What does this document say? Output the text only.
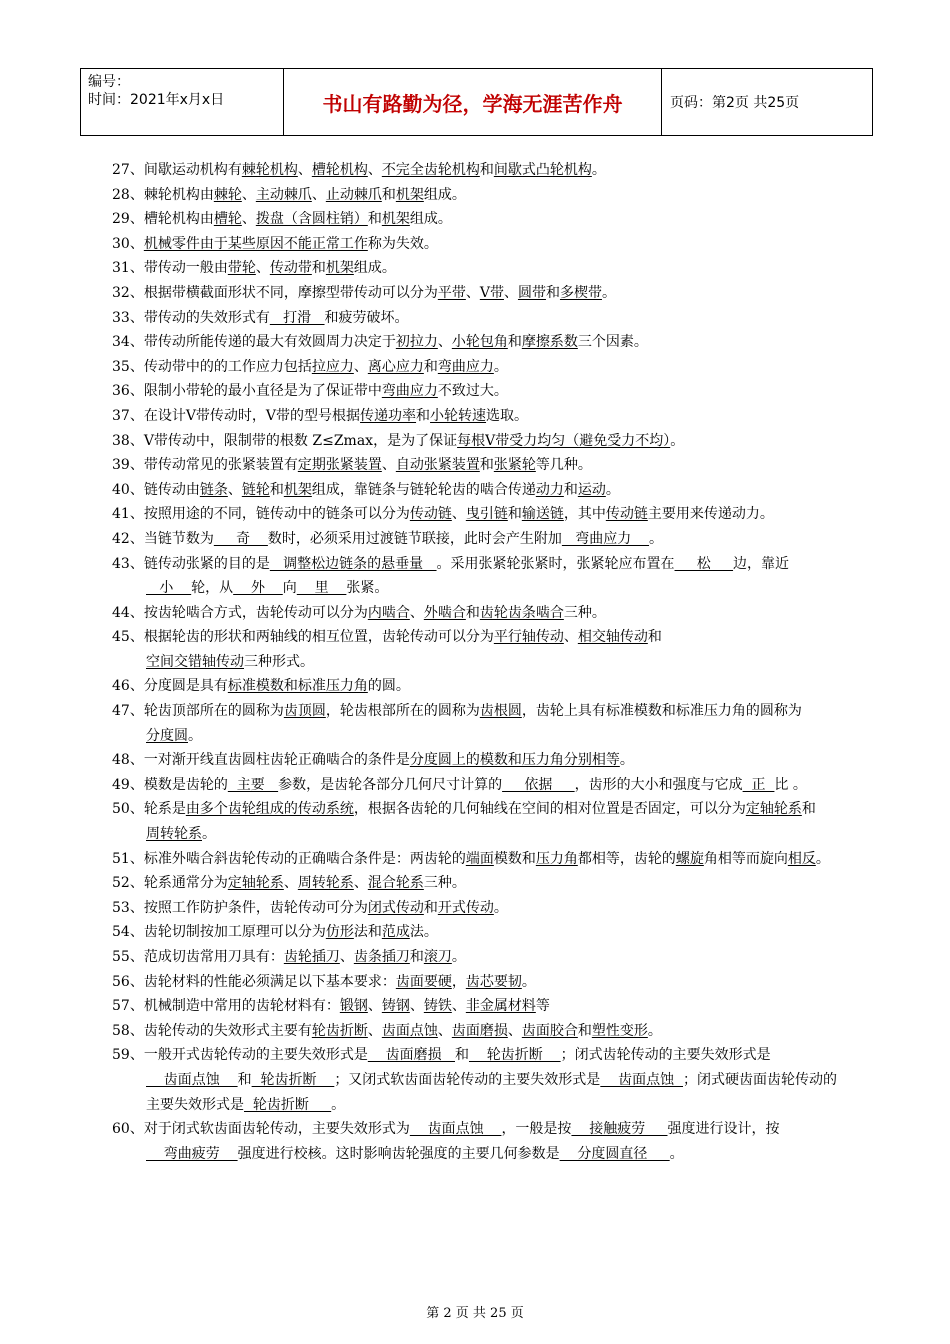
编号：
时间：2021年x月x日	书山有路勤为径，学海无涯苦作舟	页码：第2页 共25页
27、间歇运动机构有棘轮机构、槽轮机构、不完全齿轮机构和间歇式凸轮机构。
28、棘轮机构由棘轮、主动棘爪、止动棘爪和机架组成。
29、槽轮机构由槽轮、拨盘（含圆柱销）和机架组成。
30、机械零件由于某些原因不能正常工作称为失效。
31、带传动一般由带轮、传动带和机架组成。
32、根据带横截面形状不同，摩擦型带传动可以分为平带、V带、圆带和多楔带。
33、带传动的失效形式有   打滑   和疲劳破坏。
34、带传动所能传递的最大有效圆周力决定于初拉力、小轮包角和摩擦系数三个因素。
35、传动带中的的工作应力包括拉应力、离心应力和弯曲应力。
36、限制小带轮的最小直径是为了保证带中弯曲应力不致过大。
37、在设计V带传动时，V带的型号根据传递功率和小轮转速选取。
38、V带传动中，限制带的根数 Z≤Zmax，是为了保证每根V带受力均匀（避免受力不均）。
39、带传动常见的张紧装置有定期张紧装置、自动张紧装置和张紧轮等几种。
40、链传动由链条、链轮和机架组成，靠链条与链轮轮齿的啮合传递动力和运动。
41、按照用途的不同，链传动中的链条可以分为传动链、曳引链和输送链，其中传动链主要用来传递动力。
42、当链节数为     奇    数时，必须采用过渡链节联接，此时会产生附加   弯曲应力    。
43、链传动张紧的目的是   调整松边链条的悬垂量   。采用张紧轮张紧时，张紧轮应布置在     松     边，靠近   小    轮，从    外    向    里    张紧。
44、按齿轮啮合方式，齿轮传动可以分为内啮合、外啮合和齿轮齿条啮合三种。
45、根据轮齿的形状和两轴线的相互位置，齿轮传动可以分为平行轴传动、相交轴传动和
空间交错轴传动三种形式。
46、分度圆是具有标准模数和标准压力角的圆。
47、轮齿顶部所在的圆称为齿顶圆，轮齿根部所在的圆称为齿根圆，齿轮上具有标准模数和标准压力角的圆称为分度圆。
48、一对渐开线直齿圆柱齿轮正确啮合的条件是分度圆上的模数和压力角分别相等。
49、模数是齿轮的  主要   参数，是齿轮各部分几何尺寸计算的     依据     ，齿形的大小和强度与它成  正  比 。
50、轮系是由多个齿轮组成的传动系统，根据各齿轮的几何轴线在空间的相对位置是否固定，可以分为定轴轮系和周转轮系。
51、标准外啮合斜齿轮传动的正确啮合条件是：两齿轮的端面模数和压力角都相等，齿轮的螺旋角相等而旋向相反。
52、轮系通常分为定轴轮系、周转轮系、混合轮系三种。
53、按照工作防护条件，齿轮传动可分为闭式传动和开式传动。
54、齿轮切制按加工原理可以分为仿形法和范成法。
55、范成切齿常用刀具有：齿轮插刀、齿条插刀和滚刀。
56、齿轮材料的性能必须满足以下基本要求：齿面要硬，齿芯要韧。
57、机械制造中常用的齿轮材料有：锻钢、铸钢、铸铁、非金属材料等
58、齿轮传动的失效形式主要有轮齿折断、齿面点蚀、齿面磨损、齿面胶合和塑性变形。
59、一般开式齿轮传动的主要失效形式是    齿面磨损   和    轮齿折断    ；闭式齿轮传动的主要失效形式是    齿面点蚀    和  轮齿折断    ；又闭式软齿面齿轮传动的主要失效形式是    齿面点蚀  ；闭式硬齿面齿轮传动的主要失效形式是  轮齿折断     。
60、对于闭式软齿面齿轮传动，主要失效形式为    齿面点蚀    ，一般是按    接触疲劳     强度进行设计，按    弯曲疲劳    强度进行校核。这时影响齿轮强度的主要几何参数是    分度圆直径     。
第 2 页 共 25 页
